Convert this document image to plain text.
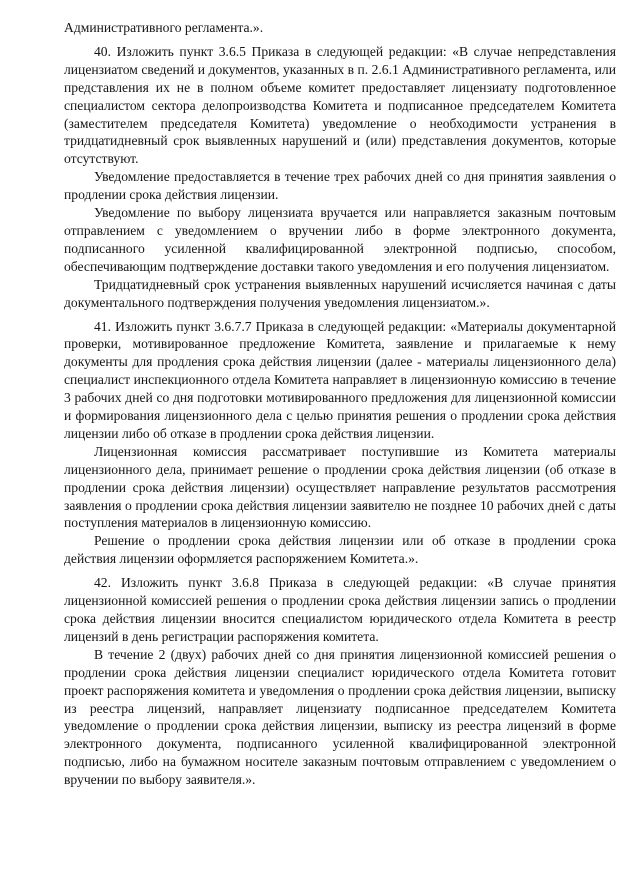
Административного регламента.».

40. Изложить пункт 3.6.5 Приказа в следующей редакции: «В случае непредставления лицензиатом сведений и документов, указанных в п. 2.6.1 Административного регламента, или представления их не в полном объеме комитет предоставляет лицензиату подготовленное специалистом сектора делопроизводства Комитета и подписанное председателем Комитета (заместителем председателя Комитета) уведомление о необходимости устранения в тридцатидневный срок выявленных нарушений и (или) представления документов, которые отсутствуют.

Уведомление предоставляется в течение трех рабочих дней со дня принятия заявления о продлении срока действия лицензии.

Уведомление по выбору лицензиата вручается или направляется заказным почтовым отправлением с уведомлением о вручении либо в форме электронного документа, подписанного усиленной квалифицированной электронной подписью, способом, обеспечивающим подтверждение доставки такого уведомления и его получения лицензиатом.

Тридцатидневный срок устранения выявленных нарушений исчисляется начиная с даты документального подтверждения получения уведомления лицензиатом.».

41. Изложить пункт 3.6.7.7 Приказа в следующей редакции: «Материалы документарной проверки, мотивированное предложение Комитета, заявление и прилагаемые к нему документы для продления срока действия лицензии (далее - материалы лицензионного дела) специалист инспекционного отдела Комитета направляет в лицензионную комиссию в течение 3 рабочих дней со дня подготовки мотивированного предложения для лицензионной комиссии и формирования лицензионного дела с целью принятия решения о продлении срока действия лицензии либо об отказе в продлении срока действия лицензии.

Лицензионная комиссия рассматривает поступившие из Комитета материалы лицензионного дела, принимает решение о продлении срока действия лицензии (об отказе в продлении срока действия лицензии) осуществляет направление результатов рассмотрения заявления о продлении срока действия лицензии заявителю не позднее 10 рабочих дней с даты поступления материалов в лицензионную комиссию.

Решение о продлении срока действия лицензии или об отказе в продлении срока действия лицензии оформляется распоряжением Комитета.».

42. Изложить пункт 3.6.8 Приказа в следующей редакции: «В случае принятия лицензионной комиссией решения о продлении срока действия лицензии запись о продлении срока действия лицензии вносится специалистом юридического отдела Комитета в реестр лицензий в день регистрации распоряжения комитета.

В течение 2 (двух) рабочих дней со дня принятия лицензионной комиссией решения о продлении срока действия лицензии специалист юридического отдела Комитета готовит проект распоряжения комитета и уведомления о продлении срока действия лицензии, выписку из реестра лицензий, направляет лицензиату подписанное председателем Комитета уведомление о продлении срока действия лицензии, выписку из реестра лицензий в форме электронного документа, подписанного усиленной квалифицированной электронной подписью, либо на бумажном носителе заказным почтовым отправлением с уведомлением о вручении по выбору заявителя.».
